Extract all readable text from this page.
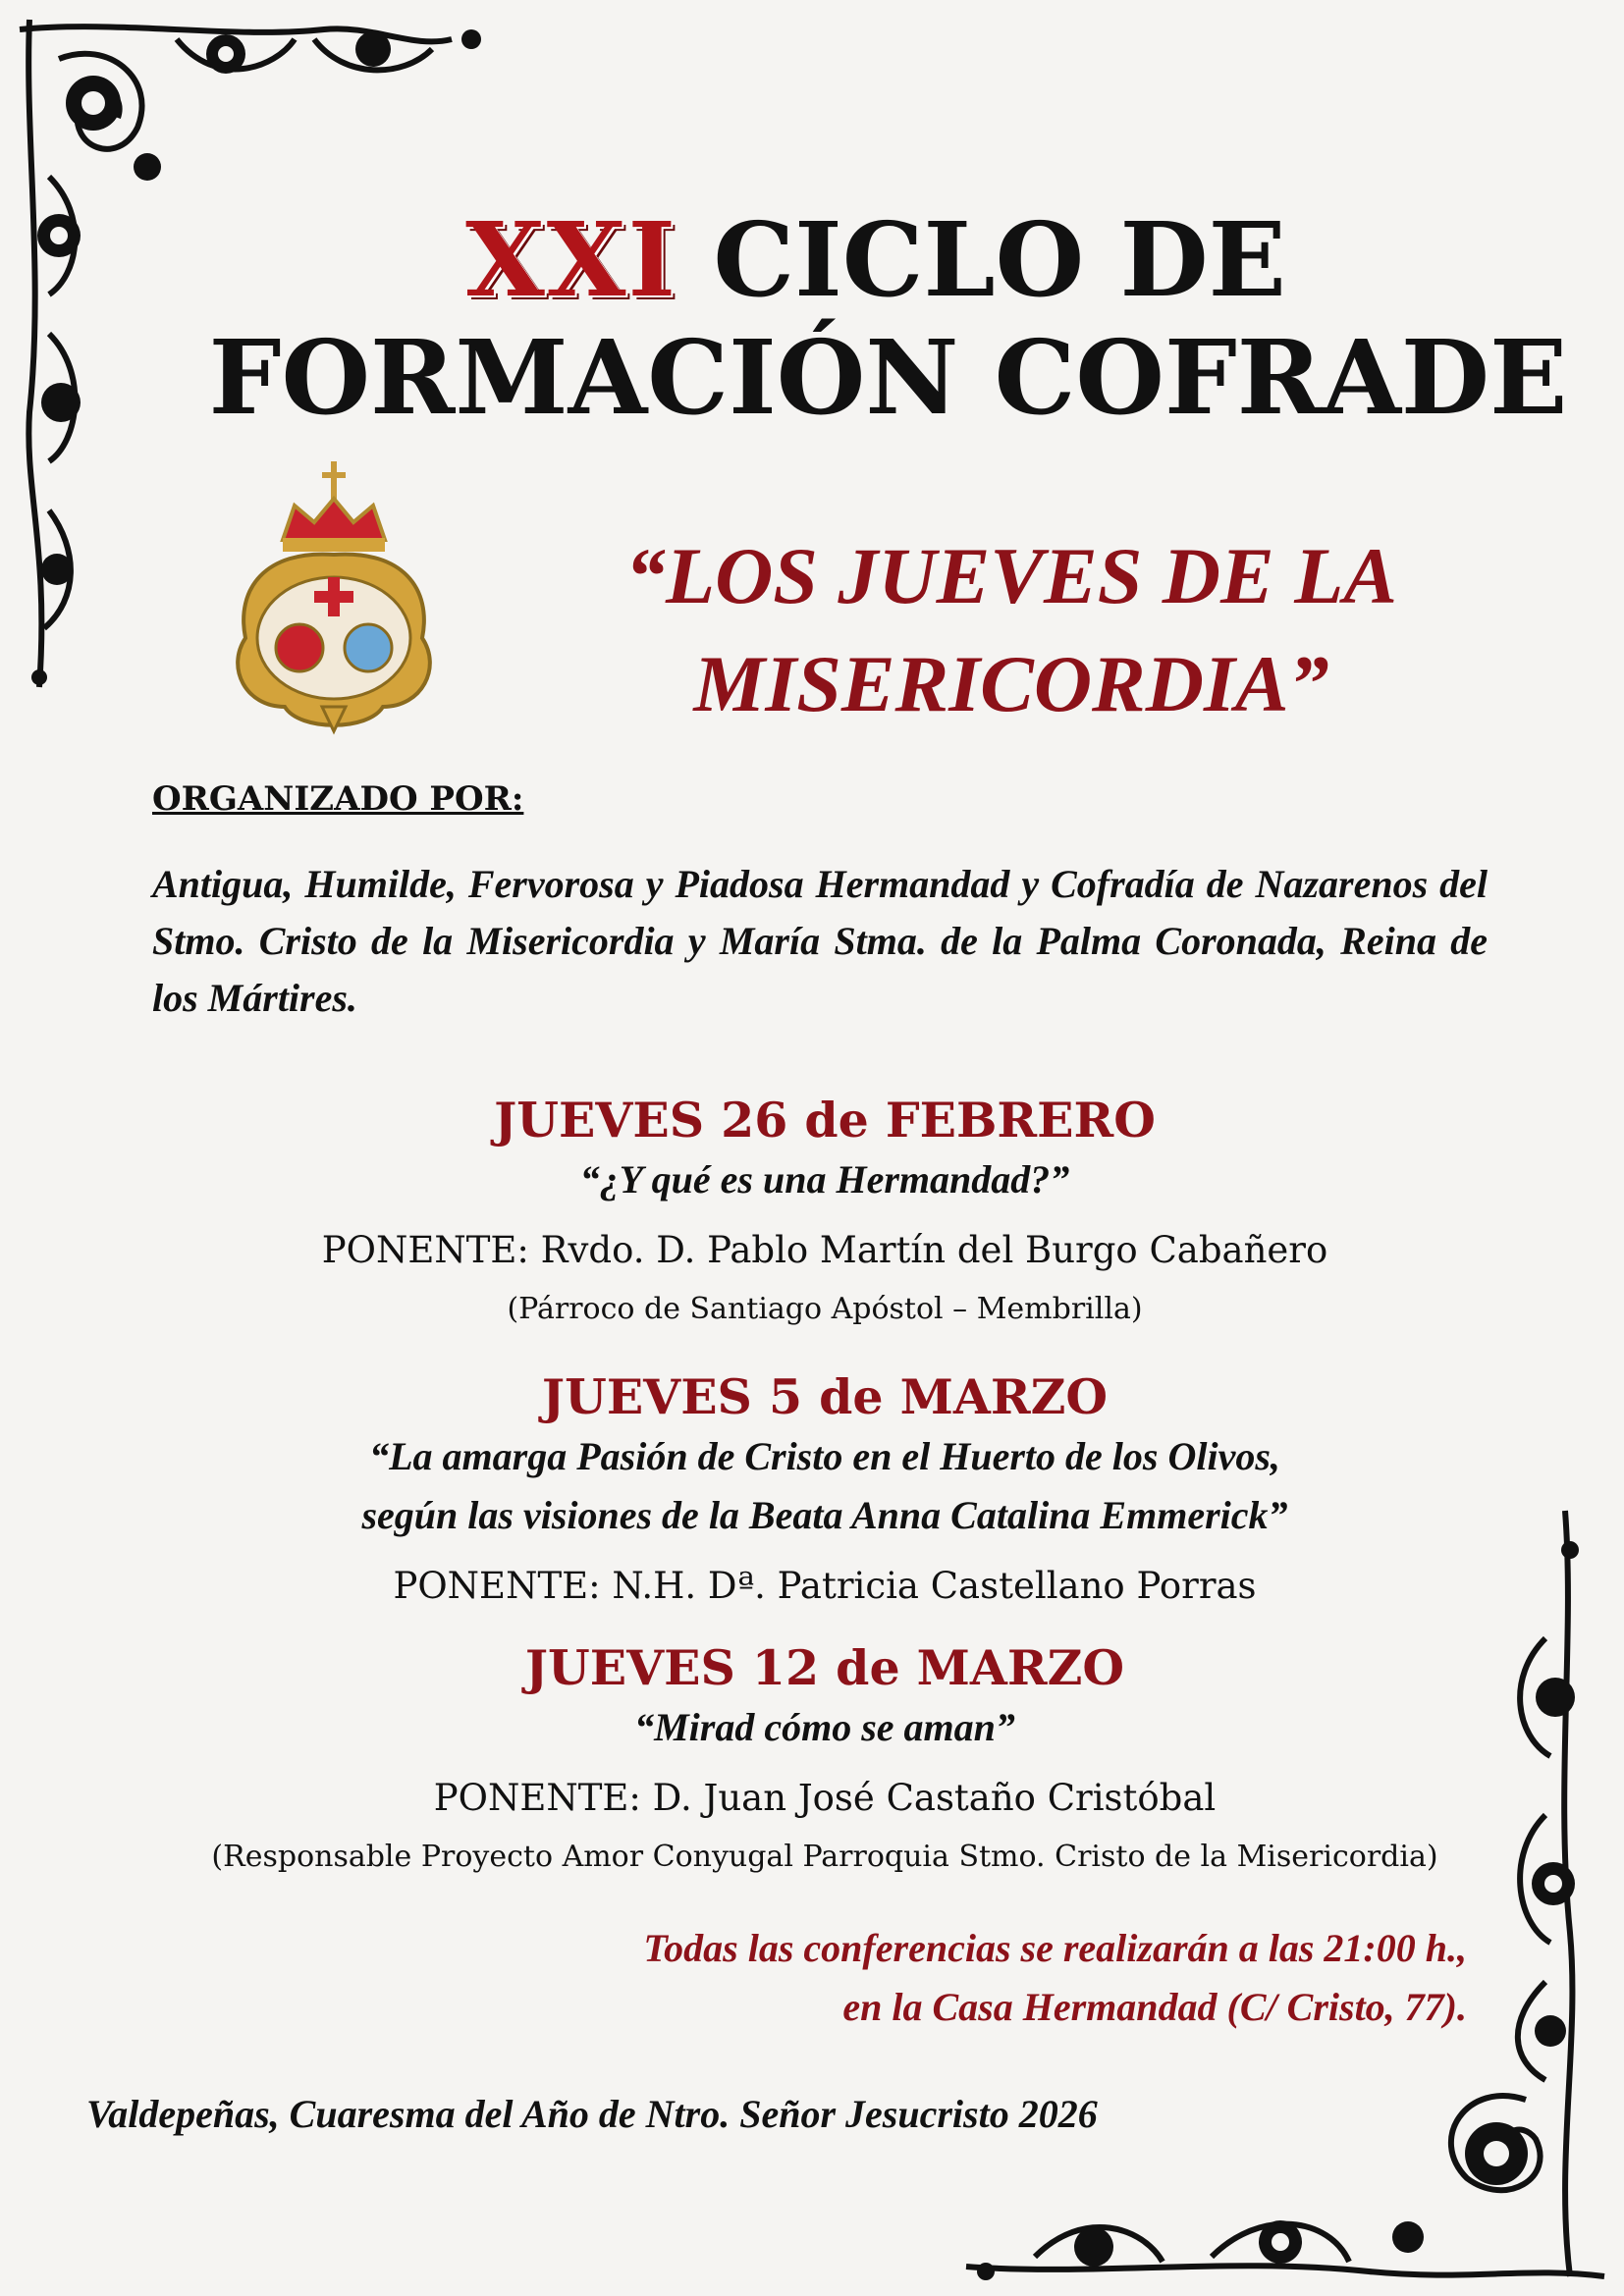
XXI CICLO DE
FORMACIÓN COFRADE
“LOS JUEVES DE LA
MISERICORDIA”
ORGANIZADO POR:
Antigua, Humilde, Fervorosa y Piadosa Hermandad y Cofradía de Nazarenos del Stmo. Cristo de la Misericordia y María Stma. de la Palma Coronada, Reina de los Mártires.
JUEVES 26 de FEBRERO
“¿Y qué es una Hermandad?”
PONENTE: Rvdo. D. Pablo Martín del Burgo Cabañero
(Párroco de Santiago Apóstol – Membrilla)
JUEVES 5 de MARZO
“La amarga Pasión de Cristo en el Huerto de los Olivos,
según las visiones de la Beata Anna Catalina Emmerick”
PONENTE: N.H. Dª. Patricia Castellano Porras
JUEVES 12 de MARZO
“Mirad cómo se aman”
PONENTE: D. Juan José Castaño Cristóbal
(Responsable Proyecto Amor Conyugal Parroquia Stmo. Cristo de la Misericordia)
Todas las conferencias se realizarán a las 21:00 h.,
en la Casa Hermandad (C/ Cristo, 77).
Valdepeñas, Cuaresma del Año de Ntro. Señor Jesucristo 2026
